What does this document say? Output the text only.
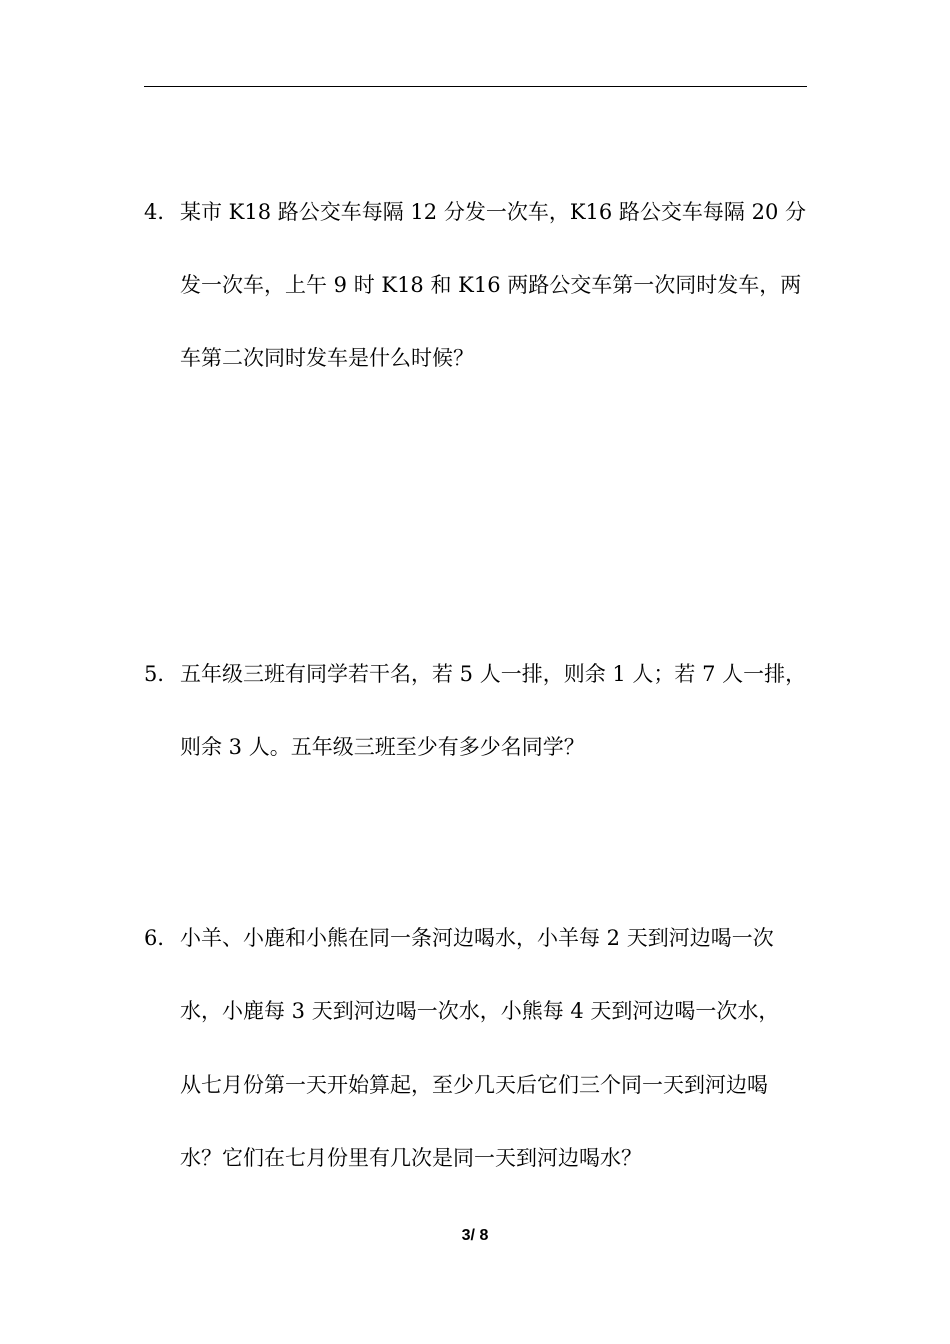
4．某市 K18 路公交车每隔 12 分发一次车，K16 路公交车每隔 20 分
发一次车，上午 9 时 K18 和 K16 两路公交车第一次同时发车，两
车第二次同时发车是什么时候？
5．五年级三班有同学若干名，若 5 人一排，则余 1 人；若 7 人一排，
则余 3 人。五年级三班至少有多少名同学？
6．小羊、小鹿和小熊在同一条河边喝水，小羊每 2 天到河边喝一次
水，小鹿每 3 天到河边喝一次水，小熊每 4 天到河边喝一次水，
从七月份第一天开始算起，至少几天后它们三个同一天到河边喝
水？它们在七月份里有几次是同一天到河边喝水？
3/ 8
